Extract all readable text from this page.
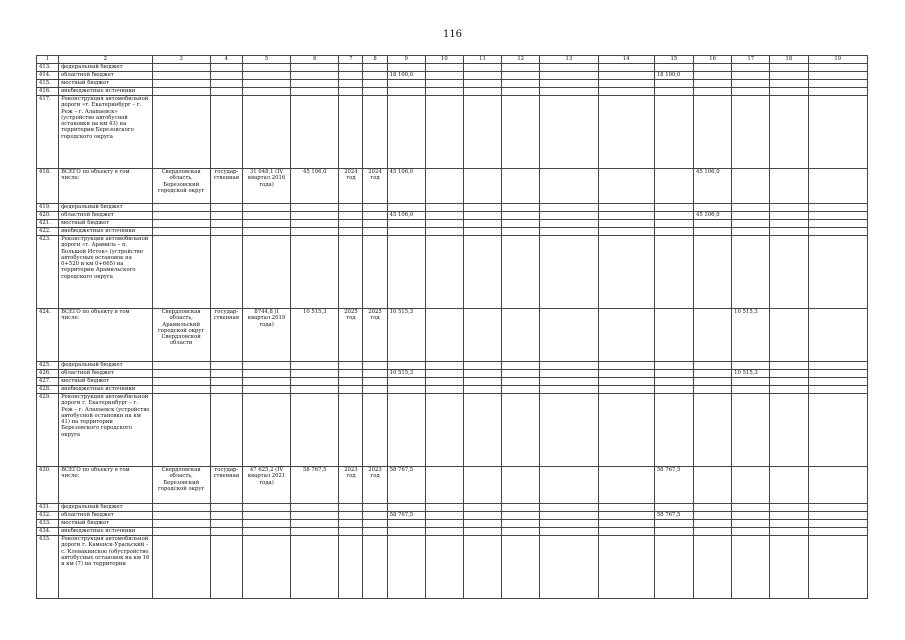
116
1	2	3	4	5	6	7	8	9	10	11	12	13	14	15	16	17	18	19
413.	федеральный бюджет																	
414.	областной бюджет							18 100,0						18 100,0				
415.	местный бюджет																	
416.	внебюджетные источники																	
417.	Реконструкция автомобильной дороги «г. Екатеринбург – г. Реж – г. Алапаевск» (устройство автобусной остановки на км 43) на территории Березовского городского округа																	
418.	ВСЕГО по объекту в том числе:	Свердловская область, Березовский городской округ	государ-ственная	31 048,1 (IV квартал 2016 года)	45 106,0	2024 год	2024 год	45 106,0							45 106,0			
419.	федеральный бюджет																	
420.	областной бюджет							45 106,0							45 106,0			
421.	местный бюджет																	
422.	внебюджетные источники																	
423.	Реконструкция автомобильной дороги «г. Арамиль – п. Большой Исток» (устройство автобусных остановок на 0+520 и км 0+665) на территории Арамильского городского округа																	
424.	ВСЕГО по объекту в том числе:	Свердловская область, Арамильский городской округ Свердловской области	государ-ственная	8744,8 (I квартал 2019 года)	10 515,3	2025 год	2025 год	10 515,3								10 515,3		
425.	федеральный бюджет																	
426.	областной бюджет							10 515,3								10 515,3		
427.	местный бюджет																	
428.	внебюджетные источники																	
429.	Реконструкция автомобильной дороги г. Екатеринбург – г. Реж – г. Алапаевск (устройство автобусной остановки на км 41) на территории Березовского городского округа																	
430.	ВСЕГО по объекту в том числе:	Свердловская область, Березовский городской округ	государ-ственная	47 625,2 (IV квартал 2021 года)	58 767,5	2023 год	2023 год	58 767,5						58 767,5				
431.	федеральный бюджет																	
432.	областной бюджет							58 767,5						58 767,5				
433.	местный бюджет																	
434.	внебюджетные источники																	
435.	Реконструкция автомобильной дороги г. Каменск-Уральский – с. Клевакинское (обустройство автобусных остановок на км 16 и км (7) на территории																	
